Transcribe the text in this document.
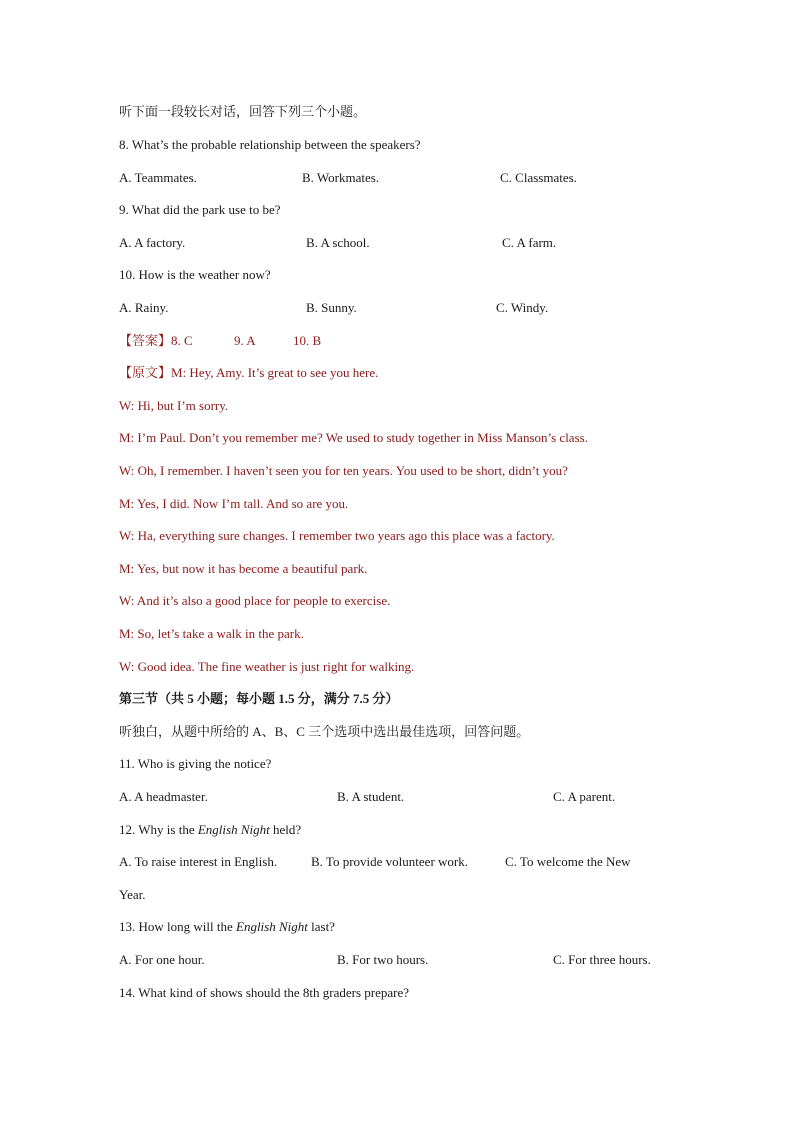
听下面一段较长对话，回答下列三个小题。
8. What’s the probable relationship between the speakers?
A. Teammates.	B. Workmates.	C. Classmates.
9. What did the park use to be?
A. A factory.	B. A school.	C. A farm.
10. How is the weather now?
A. Rainy.	B. Sunny.	C. Windy.
【答案】8. C	9. A	10. B
【原文】M: Hey, Amy. It’s great to see you here.
W: Hi, but I’m sorry.
M: I’m Paul. Don’t you remember me? We used to study together in Miss Manson’s class.
W: Oh, I remember. I haven’t seen you for ten years. You used to be short, didn’t you?
M: Yes, I did. Now I’m tall. And so are you.
W: Ha, everything sure changes. I remember two years ago this place was a factory.
M: Yes, but now it has become a beautiful park.
W: And it’s also a good place for people to exercise.
M: So, let’s take a walk in the park.
W: Good idea. The fine weather is just right for walking.
第三节（共 5 小题；每小题 1.5 分，满分 7.5 分）
听独白，从题中所给的 A、B、C 三个选项中选出最佳选项，回答问题。
11. Who is giving the notice?
A. A headmaster.	B. A student.	C. A parent.
12. Why is the English Night held?
A. To raise interest in English.	B. To provide volunteer work.	C. To welcome the New
Year.
13. How long will the English Night last?
A. For one hour.	B. For two hours.	C. For three hours.
14. What kind of shows should the 8th graders prepare?
